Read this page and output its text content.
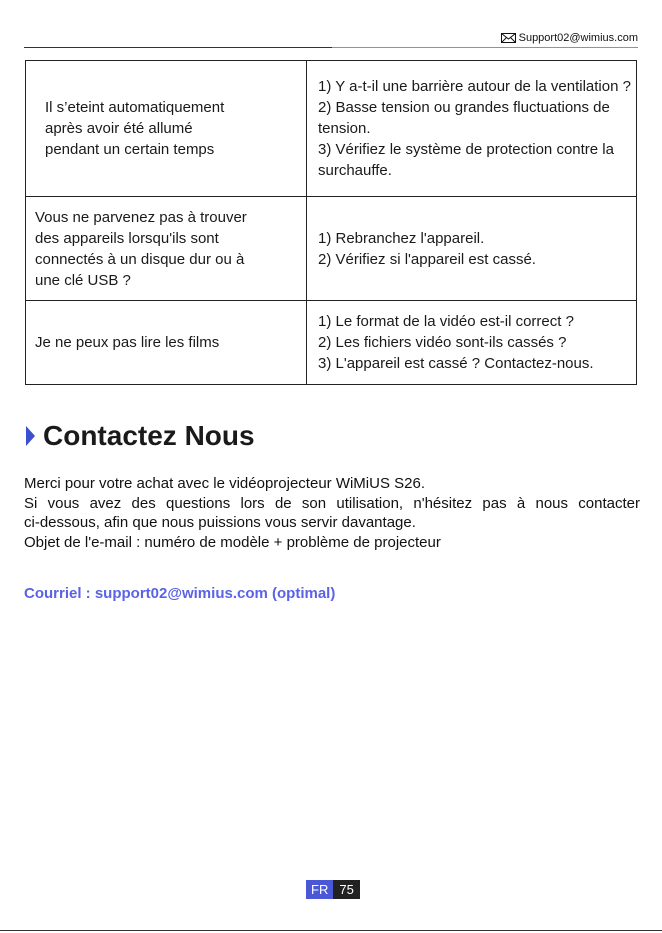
Support02@wimius.com
Il s’eteint automatiquement
après avoir été allumé
pendant un certain temps	1) Y a-t-il une barrière autour de la ventilation ?
2) Basse tension ou grandes fluctuations de
tension.
3) Vérifiez le système de protection contre la
surchauffe.
Vous ne parvenez pas à trouver
des appareils lorsqu'ils sont
connectés à un disque dur ou à
une clé USB ?	1) Rebranchez l'appareil.
2) Vérifiez si l'appareil est cassé.
Je ne peux pas lire les films	1) Le format de la vidéo est-il correct ?
2) Les fichiers vidéo sont-ils cassés ?
3) L'appareil est cassé ? Contactez-nous.
Contactez Nous
Merci pour votre achat avec le vidéoprojecteur WiMiUS S26.
Si vous avez des questions lors de son utilisation, n'hésitez pas à nous contacter
ci-dessous, afin que nous puissions vous servir davantage.
Objet de l'e-mail : numéro de modèle + problème de projecteur
Courriel : support02@wimius.com (optimal)
FR 75
